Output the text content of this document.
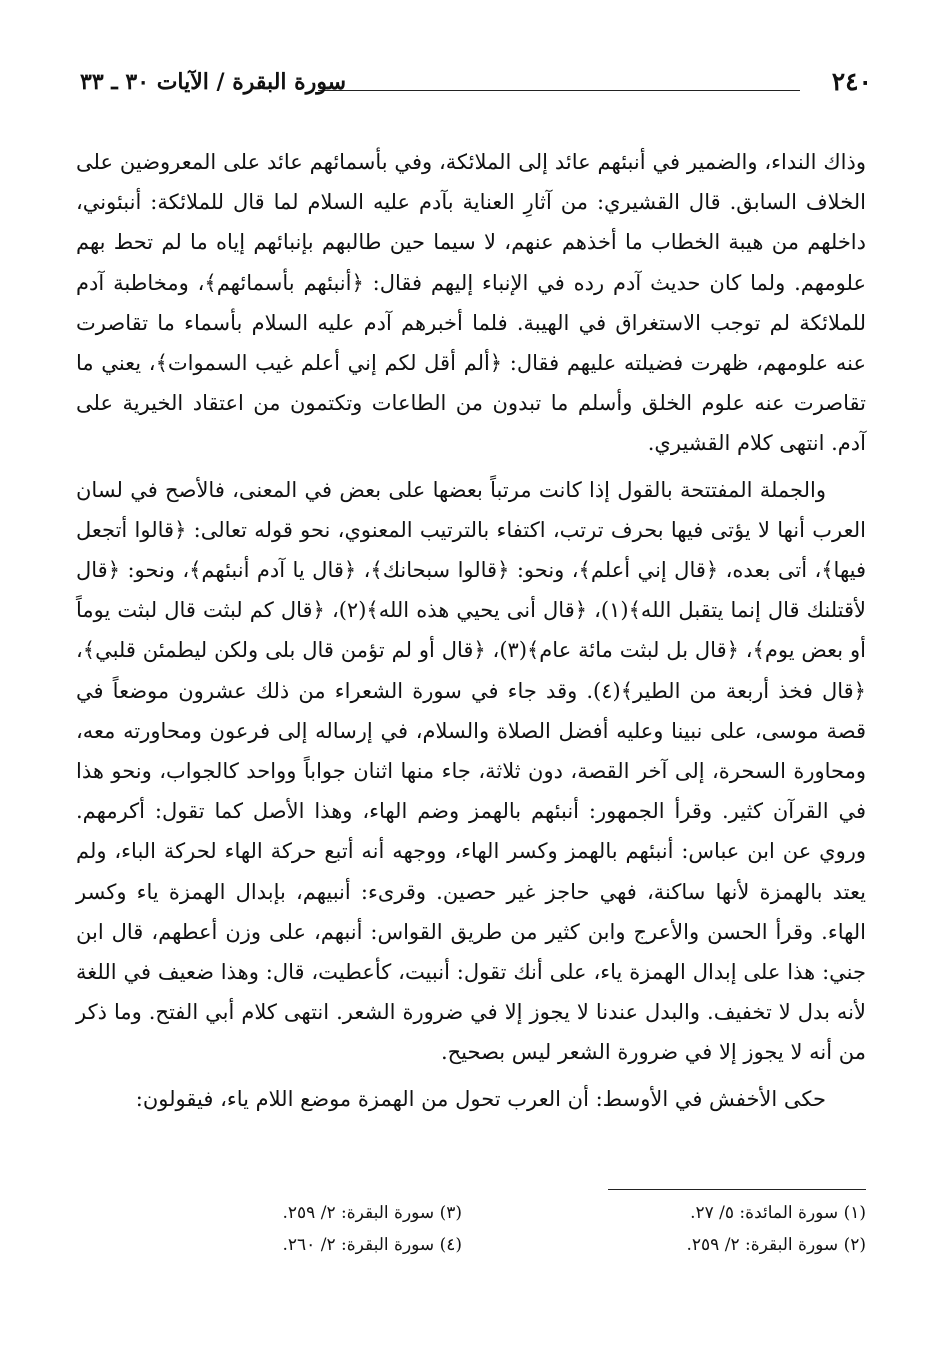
٢٤٠
سورة البقرة / الآيات ٣٠ ـ ٣٣

وذاك النداء، والضمير في أنبئهم عائد إلى الملائكة، وفي بأسمائهم عائد على المعروضين على الخلاف السابق. قال القشيري: من آثارِ العناية بآدم عليه السلام لما قال للملائكة: أنبئوني، داخلهم من هيبة الخطاب ما أخذهم عنهم، لا سيما حين طالبهم بإنبائهم إياه ما لم تحط بهم علومهم. ولما كان حديث آدم رده في الإنباء إليهم فقال: ﴿أنبئهم بأسمائهم﴾، ومخاطبة آدم للملائكة لم توجب الاستغراق في الهيبة. فلما أخبرهم آدم عليه السلام بأسماء ما تقاصرت عنه علومهم، ظهرت فضيلته عليهم فقال: ﴿ألم أقل لكم إني أعلم غيب السموات﴾، يعني ما تقاصرت عنه علوم الخلق وأسلم ما تبدون من الطاعات وتكتمون من اعتقاد الخيرية على آدم. انتهى كلام القشيري.

والجملة المفتتحة بالقول إذا كانت مرتباً بعضها على بعض في المعنى، فالأصح في لسان العرب أنها لا يؤتى فيها بحرف ترتب، اكتفاء بالترتيب المعنوي، نحو قوله تعالى: ﴿قالوا أتجعل فيها﴾، أتى بعده، ﴿قال إني أعلم﴾، ونحو: ﴿قالوا سبحانك﴾، ﴿قال يا آدم أنبئهم﴾، ونحو: ﴿قال لأقتلنك قال إنما يتقبل الله﴾(١)، ﴿قال أنى يحيي هذه الله﴾(٢)، ﴿قال كم لبثت قال لبثت يوماً أو بعض يوم﴾، ﴿قال بل لبثت مائة عام﴾(٣)، ﴿قال أو لم تؤمن قال بلى ولكن ليطمئن قلبي﴾، ﴿قال فخذ أربعة من الطير﴾(٤). وقد جاء في سورة الشعراء من ذلك عشرون موضعاً في قصة موسى، على نبينا وعليه أفضل الصلاة والسلام، في إرساله إلى فرعون ومحاورته معه، ومحاورة السحرة، إلى آخر القصة، دون ثلاثة، جاء منها اثنان جواباً وواحد كالجواب، ونحو هذا في القرآن كثير. وقرأ الجمهور: أنبئهم بالهمز وضم الهاء، وهذا الأصل كما تقول: أكرمهم. وروي عن ابن عباس: أنبئهم بالهمز وكسر الهاء، ووجهه أنه أتبع حركة الهاء لحركة الباء، ولم يعتد بالهمزة لأنها ساكنة، فهي حاجز غير حصين. وقرىء: أنبيهم، بإبدال الهمزة ياء وكسر الهاء. وقرأ الحسن والأعرج وابن كثير من طريق القواس: أنبهم، على وزن أعطهم، قال ابن جني: هذا على إبدال الهمزة ياء، على أنك تقول: أنبيت، كأعطيت، قال: وهذا ضعيف في اللغة لأنه بدل لا تخفيف. والبدل عندنا لا يجوز إلا في ضرورة الشعر. انتهى كلام أبي الفتح. وما ذكر من أنه لا يجوز إلا في ضرورة الشعر ليس بصحيح.

حكى الأخفش في الأوسط: أن العرب تحول من الهمزة موضع اللام ياء، فيقولون:

(١) سورة المائدة: ٥/ ٢٧.
(٢) سورة البقرة: ٢/ ٢٥٩.
(٣) سورة البقرة: ٢/ ٢٥٩.
(٤) سورة البقرة: ٢/ ٢٦٠.
